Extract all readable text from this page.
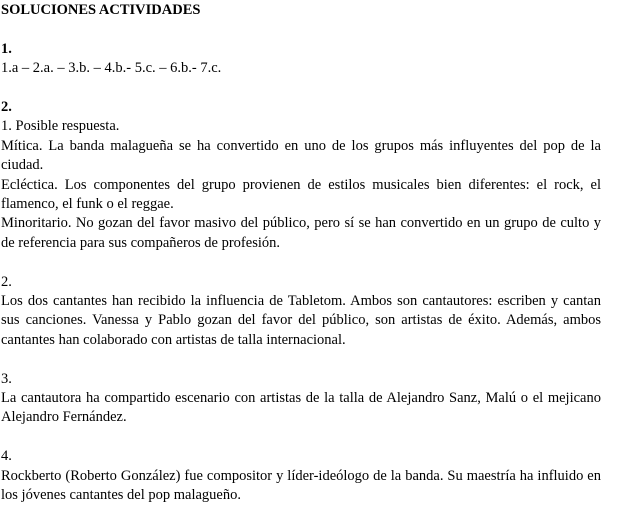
SOLUCIONES ACTIVIDADES
1.

1.a – 2.a. – 3.b. – 4.b.- 5.c. – 6.b.- 7.c.

2.

1. Posible respuesta.

Mítica. La banda malagueña se ha convertido en uno de los grupos más influyentes del pop de la ciudad.

Ecléctica. Los componentes del grupo provienen de estilos musicales bien diferentes: el rock, el flamenco, el funk o el reggae.

Minoritario. No gozan del favor masivo del público, pero sí se han convertido en un grupo de culto y de referencia para sus compañeros de profesión.

2.

Los dos cantantes han recibido la influencia de Tabletom. Ambos son cantautores: escriben y cantan sus canciones. Vanessa y Pablo gozan del favor del público, son artistas de éxito. Además, ambos cantantes han colaborado con artistas de talla internacional.

3.

La cantautora ha compartido escenario con artistas de la talla de Alejandro Sanz, Malú o el mejicano Alejandro Fernández.

4.

Rockberto (Roberto González) fue compositor y líder-ideólogo de la banda. Su maestría ha influido en los jóvenes cantantes del pop malagueño.
